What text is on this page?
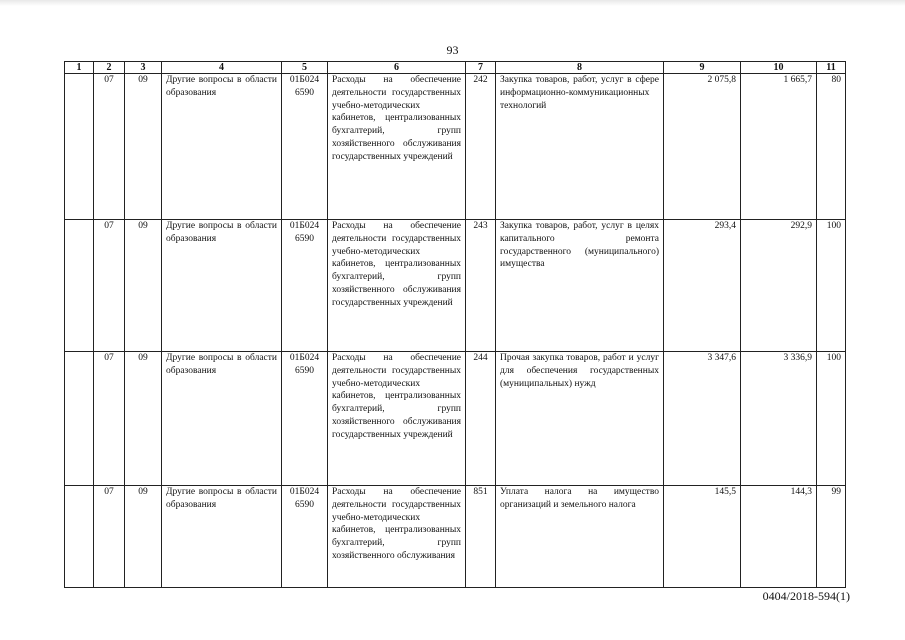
93
1	2	3	4	5	6	7	8	9	10	11
	07	09	Другие вопросы в области образования	01Б024 6590	Расходы на обеспечение деятельности государственных учебно-методических кабинетов, централизованных бухгалтерий, групп хозяйственного обслуживания государственных учреждений	242	Закупка товаров, работ, услуг в сфере информационно-коммуникационных технологий	2 075,8	1 665,7	80
	07	09	Другие вопросы в области образования	01Б024 6590	Расходы на обеспечение деятельности государственных учебно-методических кабинетов, централизованных бухгалтерий, групп хозяйственного обслуживания государственных учреждений	243	Закупка товаров, работ, услуг в целях капитального ремонта государственного (муниципального) имущества	293,4	292,9	100
	07	09	Другие вопросы в области образования	01Б024 6590	Расходы на обеспечение деятельности государственных учебно-методических кабинетов, централизованных бухгалтерий, групп хозяйственного обслуживания государственных учреждений	244	Прочая закупка товаров, работ и услуг для обеспечения государственных (муниципальных) нужд	3 347,6	3 336,9	100
	07	09	Другие вопросы в области образования	01Б024 6590	Расходы на обеспечение деятельности государственных учебно-методических кабинетов, централизованных бухгалтерий, групп хозяйственного обслуживания	851	Уплата налога на имущество организаций и земельного налога	145,5	144,3	99
0404/2018-594(1)
